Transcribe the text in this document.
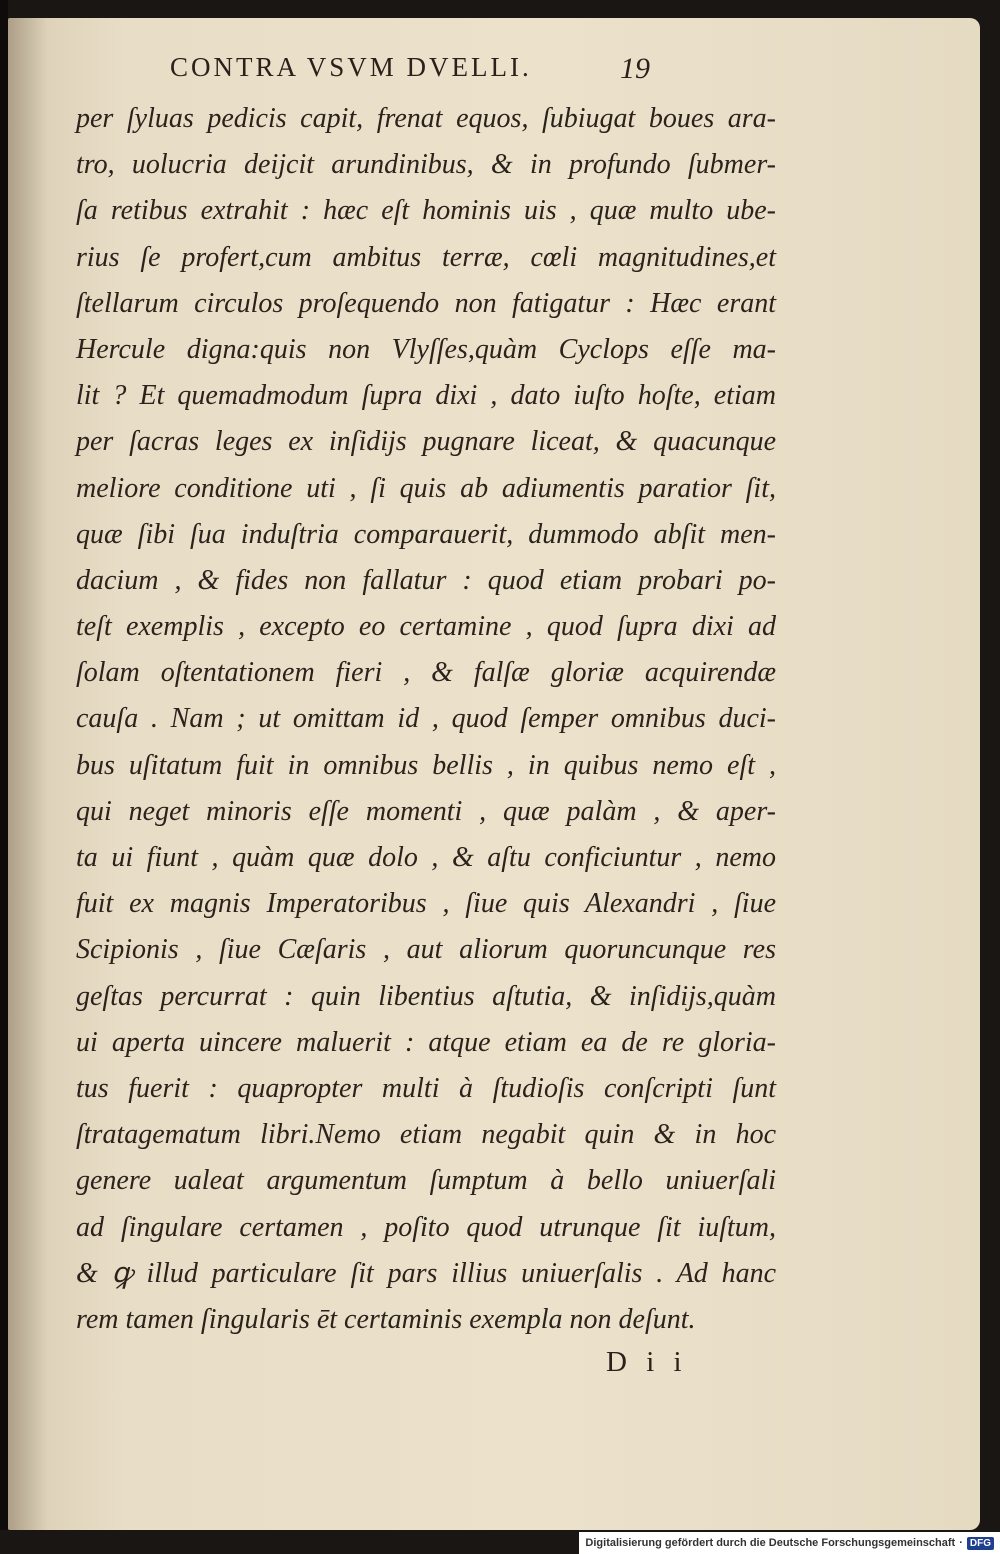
CONTRA VSVM DVELLI.	19
per ſyluas pedicis capit, frenat equos, ſubiugat boues ara-
tro, uolucria deijcit arundinibus, & in profundo ſubmer-
ſa retibus extrahit : hæc eſt hominis uis , quæ multo ube-
rius ſe profert,cum ambitus terræ, cœli magnitudines,et
ſtellarum circulos proſequendo non fatigatur : Hæc erant
Hercule digna:quis non Vlyſſes,quàm Cyclops eſſe ma-
lit ? Et quemadmodum ſupra dixi , dato iuſto hoſte, etiam
per ſacras leges ex inſidijs pugnare liceat, & quacunque
meliore conditione uti , ſi quis ab adiumentis paratior ſit,
quæ ſibi ſua induſtria comparauerit, dummodo abſit men-
dacium , & fides non fallatur : quod etiam probari po-
teſt exemplis , excepto eo certamine , quod ſupra dixi ad
ſolam oſtentationem fieri , & falſæ gloriæ acquirendæ
cauſa . Nam ; ut omittam id , quod ſemper omnibus duci-
bus uſitatum fuit in omnibus bellis , in quibus nemo eſt ,
qui neget minoris eſſe momenti , quæ palàm , & aper-
ta ui fiunt , quàm quæ dolo , & aſtu conficiuntur , nemo
fuit ex magnis Imperatoribus , ſiue quis Alexandri , ſiue
Scipionis , ſiue Cæſaris , aut aliorum quoruncunque res
geſtas percurrat : quin libentius aſtutia, & inſidijs,quàm
ui aperta uincere maluerit : atque etiam ea de re gloria-
tus fuerit : quapropter multi à ſtudioſis conſcripti ſunt
ſtratagematum libri.Nemo etiam negabit quin & in hoc
genere ualeat argumentum ſumptum à bello uniuerſali
ad ſingulare certamen , poſito quod utrunque ſit iuſtum,
& ꝙ illud particulare ſit pars illius uniuerſalis . Ad hanc
rem tamen ſingularis ēt certaminis exempla non deſunt.
D i i
Digitalisierung gefördert durch die Deutsche Forschungsgemeinschaft · DFG
